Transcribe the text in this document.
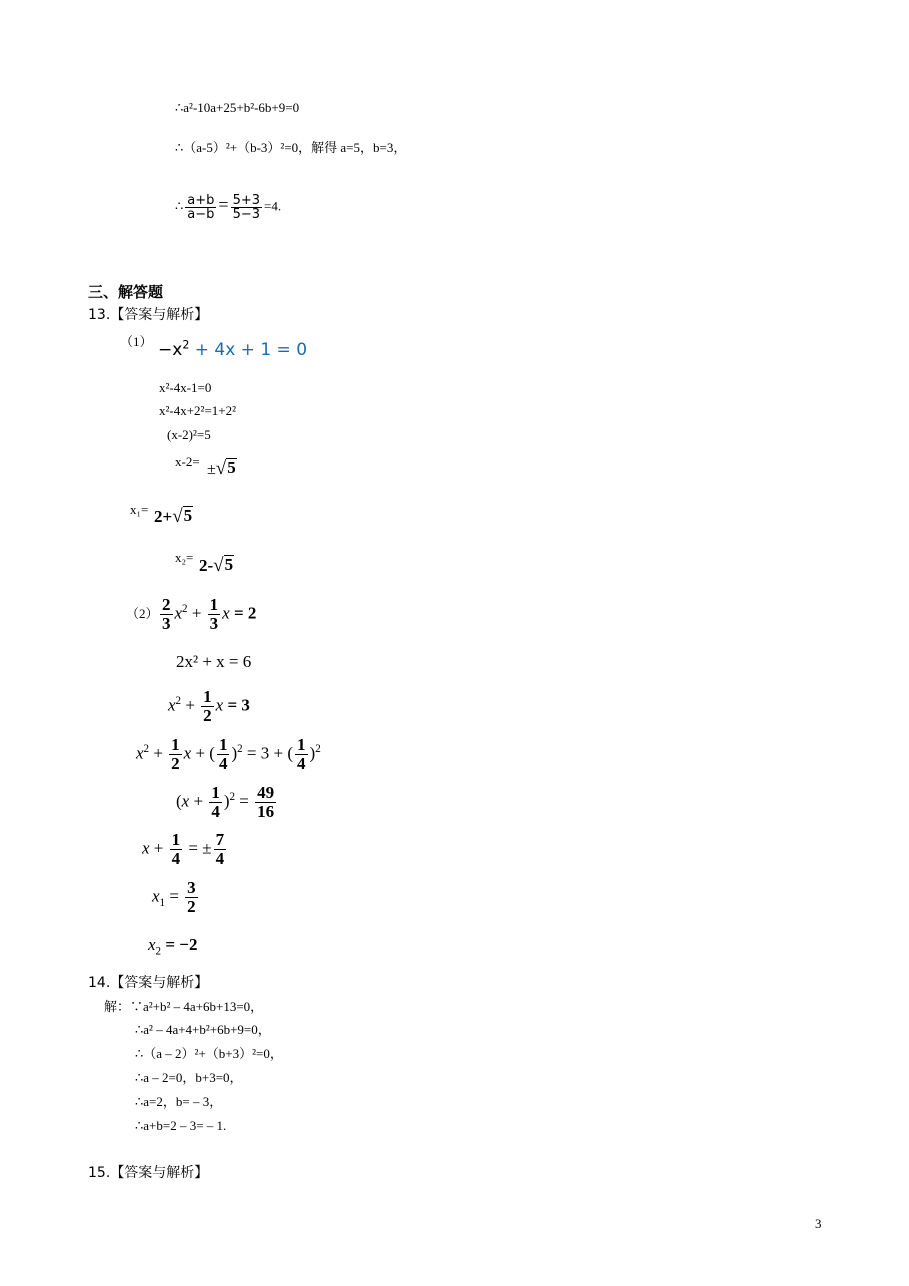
∴a²-10a+25+b²-6b+9=0
∴（a-5）²+（b-3）²=0，解得 a=5，b=3，
∴ $\frac{a+b}{a-b} = \frac{5+3}{5-3} =4$.
三、解答题
13.【答案与解析】
$(1) -x^2 + 4x + 1 = 0$
x²-4x-1=0
x²-4x+2²=1+2²
(x-2)²=5
x-2= ± √ 5
x₁= 2+ √ 5
x₂= 2- √ 5
$(2) \frac{2}{3} x^2 + \frac{1}{3}$ x = 2
2x² + x = 6
$x^2 + \frac{1}{2}$ x = 3
$x^2 + \frac{1}{2}$ x + ( $\frac{1}{4} )^2 = 3$ + ( $\frac{1}{4} )^2$
$(x + \frac{1}{4} )^2 = \frac{49}{16}$
$x + \frac{1}{4}$ = ± $\frac{7}{4}$
$x_1 = \frac{3}{2}$
$x_2 = -2$
14.【答案与解析】
解：∵a²+b² – 4a+6b+13=0，
∴a² – 4a+4+b²+6b+9=0，
∴（a – 2）²+（b+3）²=0，
∴a – 2=0，b+3=0，
∴a=2，b= – 3，
∴a+b=2 – 3= – 1.
15.【答案与解析】
3
